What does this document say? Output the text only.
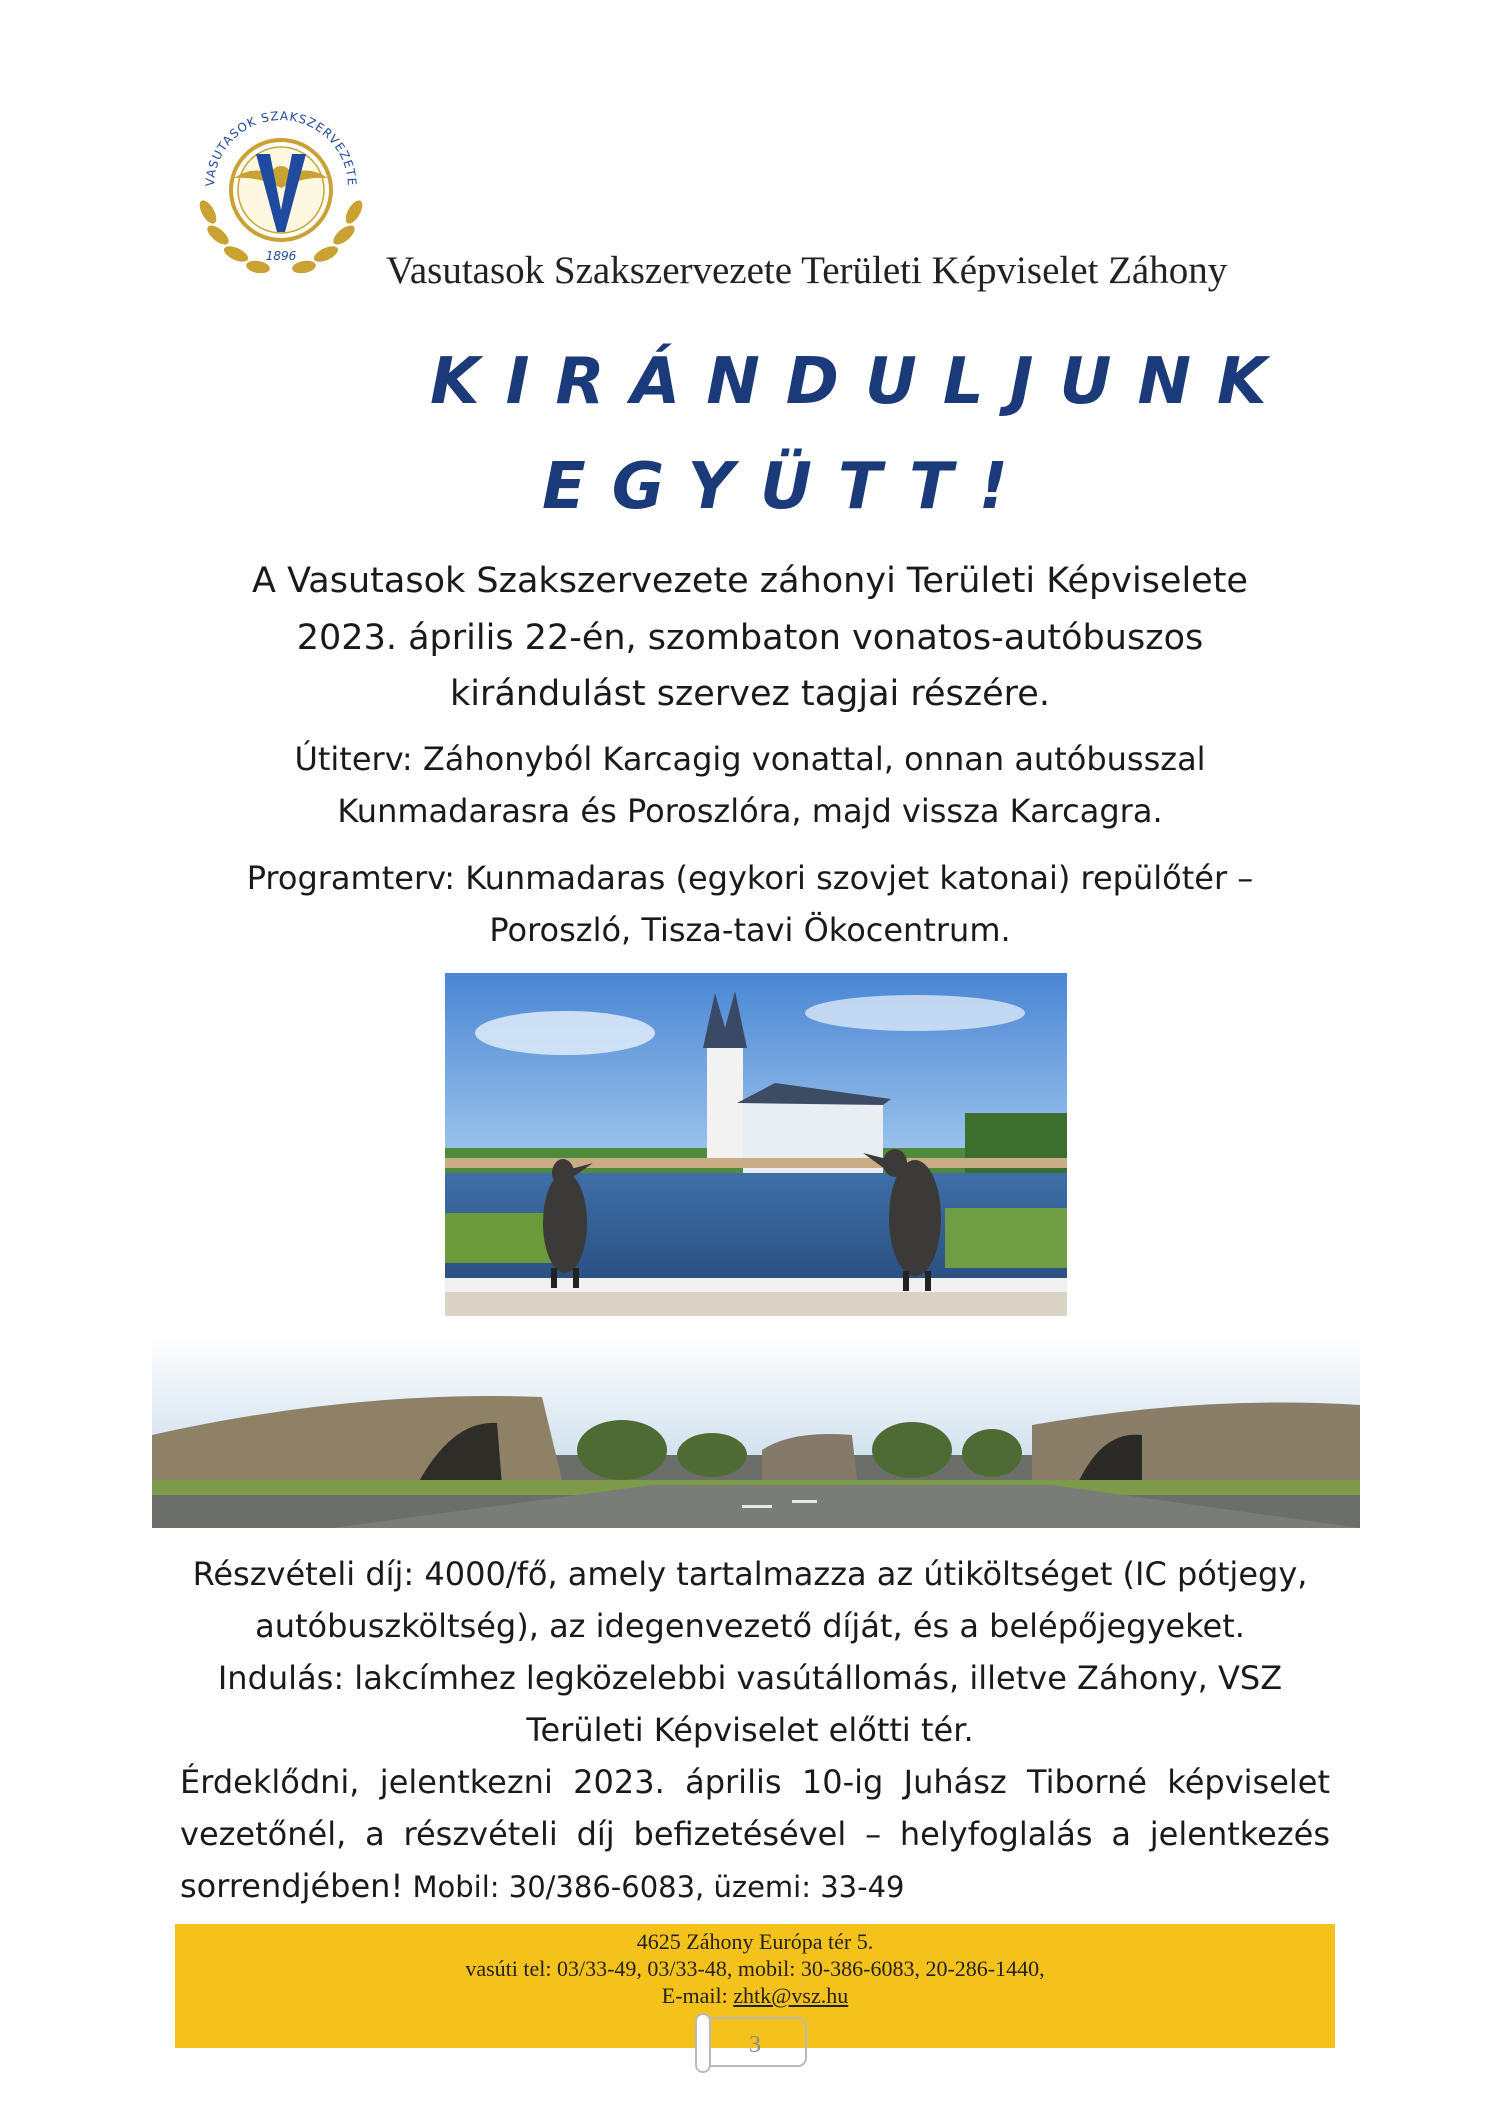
VASUTASOK SZAKSZERVEZETE
1896 Vasutasok Szakszervezete Területi Képviselet Záhony
KIRÁNDULJUNK
EGYÜTT!
A Vasutasok Szakszervezete záhonyi Területi Képviselete
2023. április 22-én, szombaton vonatos-autóbuszos
kirándulást szervez tagjai részére.
Útiterv: Záhonyból Karcagig vonattal, onnan autóbusszal
Kunmadarasra és Poroszlóra, majd vissza Karcagra.
Programterv: Kunmadaras (egykori szovjet katonai) repülőtér –
Poroszló, Tisza-tavi Ökocentrum.
Részvételi díj: 4000/fő, amely tartalmazza az útiköltséget (IC pótjegy,
autóbuszköltség), az idegenvezető díját, és a belépőjegyeket.
Indulás: lakcímhez legközelebbi vasútállomás, illetve Záhony, VSZ
Területi Képviselet előtti tér.
Érdeklődni, jelentkezni 2023. április 10-ig Juhász Tiborné képviselet
vezetőnél, a részvételi díj befizetésével – helyfoglalás a jelentkezés
sorrendjében! Mobil: 30/386-6083, üzemi: 33-49
4625 Záhony Európa tér 5.
vasúti tel: 03/33-49, 03/33-48, mobil: 30-386-6083, 20-286-1440,
E-mail: zhtk@vsz.hu
3
